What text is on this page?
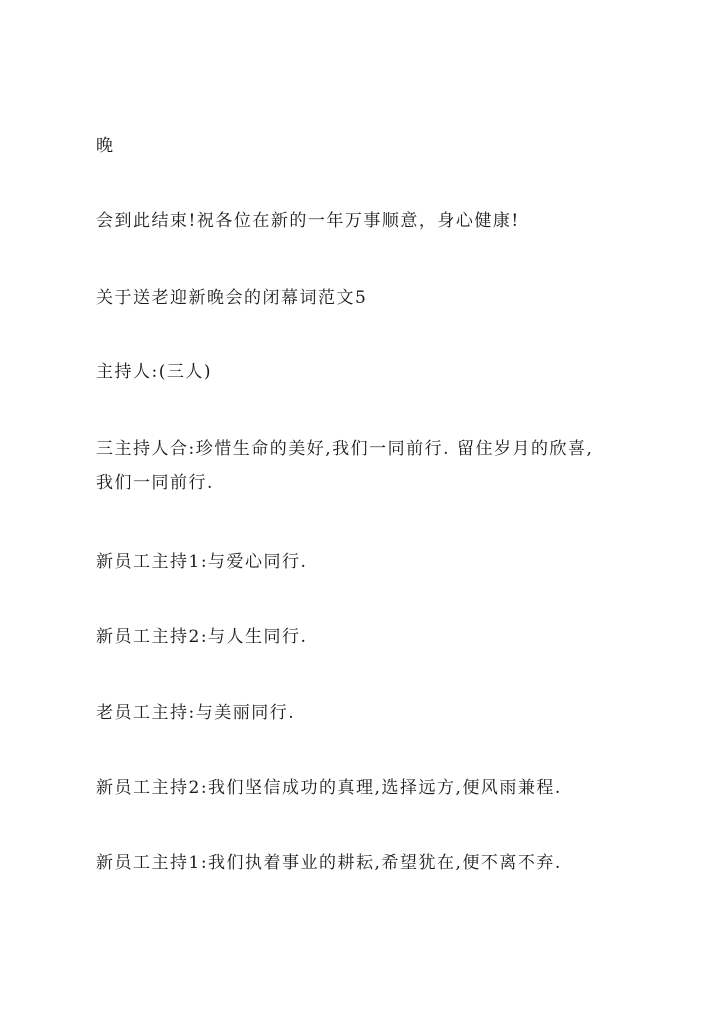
晚

会到此结束!祝各位在新的一年万事顺意，身心健康!

关于送老迎新晚会的闭幕词范文5

主持人:(三人)

三主持人合:珍惜生命的美好,我们一同前行. 留住岁月的欣喜,
我们一同前行.

新员工主持1:与爱心同行.

新员工主持2:与人生同行.

老员工主持:与美丽同行.

新员工主持2:我们坚信成功的真理,选择远方,便风雨兼程.

新员工主持1:我们执着事业的耕耘,希望犹在,便不离不弃.
